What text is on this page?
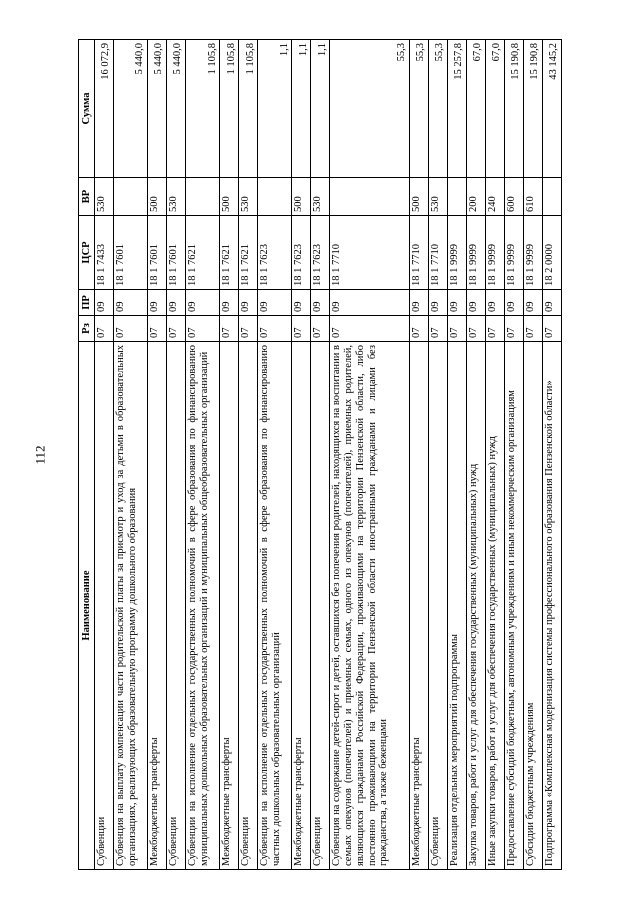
112
Наименование	Рз	ПР	ЦСР	ВР	Сумма
Субвенции	07	09	18 1 7433	530	16 072,9
Субвенция на выплату компенсации части родительской платы за присмотр и уход за детьми в образовательных организациях, реализующих образовательную программу дошкольного образования	07	09	18 1 7601		5 440,0
Межбюджетные трансферты	07	09	18 1 7601	500	5 440,0
Субвенции	07	09	18 1 7601	530	5 440,0
Субвенции на исполнение отдельных государственных полномочий в сфере образования по финансированию муниципальных дошкольных образовательных организаций и муниципальных общеобразовательных организаций	07	09	18 1 7621		1 105,8
Межбюджетные трансферты	07	09	18 1 7621	500	1 105,8
Субвенции	07	09	18 1 7621	530	1 105,8
Субвенции на исполнение отдельных государственных полномочий в сфере образования по финансированию частных дошкольных образовательных организаций	07	09	18 1 7623		1,1
Межбюджетные трансферты	07	09	18 1 7623	500	1,1
Субвенции	07	09	18 1 7623	530	1,1
Субвенция на содержание детей-сирот и детей, оставшихся без попечения родителей, находящихся на воспитании в семьях опекунов (попечителей) и приемных семьях, одного из опекунов (попечителей), приемных родителей, являющихся гражданами Российской Федерации, проживающими на территории Пензенской области, либо постоянно проживающими на территории Пензенской области иностранными гражданами и лицами без гражданства, а также беженцами	07	09	18 1 7710		55,3
Межбюджетные трансферты	07	09	18 1 7710	500	55,3
Субвенции	07	09	18 1 7710	530	55,3
Реализация отдельных мероприятий подпрограммы	07	09	18 1 9999		15 257,8
Закупка товаров, работ и услуг для обеспечения государственных (муниципальных) нужд	07	09	18 1 9999	200	67,0
Иные закупки товаров, работ и услуг для обеспечения государственных (муниципальных) нужд	07	09	18 1 9999	240	67,0
Предоставление субсидий бюджетным, автономным учреждениям и иным некоммерческим организациям	07	09	18 1 9999	600	15 190,8
Субсидии бюджетным учреждениям	07	09	18 1 9999	610	15 190,8
Подпрограмма «Комплексная модернизация системы профессионального образования Пензенской области»	07	09	18 2 0000		43 145,2
